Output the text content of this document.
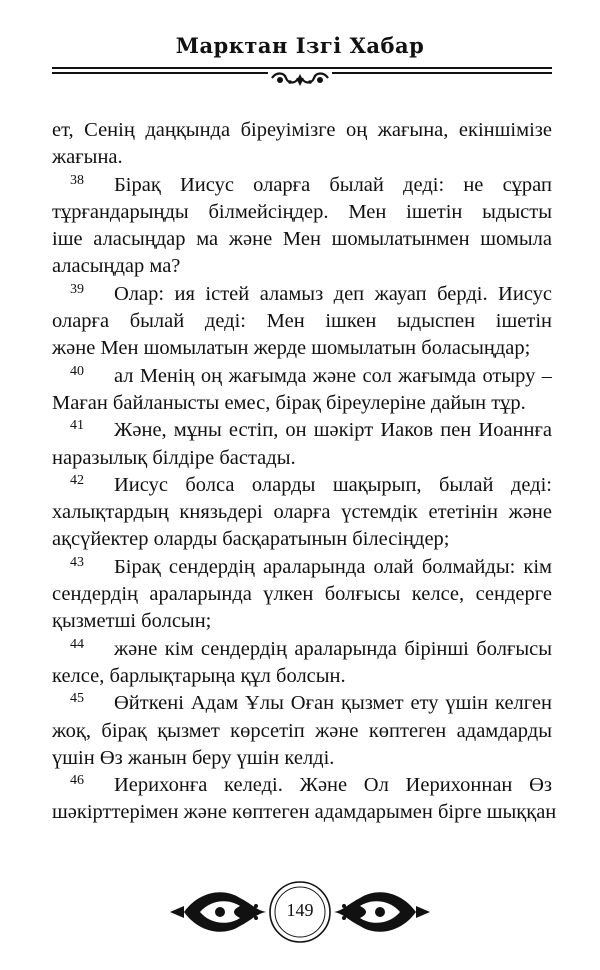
Марктан Ізгі Хабар
ет, Сенің даңқында біреуімізге оң жағына, екіншімізе
жағына.
38 Бірақ Иисус оларға былай деді: не сұрап
тұрғандарыңды білмейсіңдер. Мен ішетін ыдысты
іше аласыңдар ма және Мен шомылатынмен шомыла
аласыңдар ма?
39 Олар: ия істей аламыз деп жауап берді. Иисус
оларға былай деді: Мен ішкен ыдыспен ішетін
және Мен шомылатын жерде шомылатын боласыңдар;
40 ал Менің оң жағымда және сол жағымда отыру –
Маған байланысты емес, бірақ біреулеріне дайын тұр.
41 Және, мұны естіп, он шәкірт Иаков пен Иоаннға
наразылық білдіре бастады.
42 Иисус болса оларды шақырып, былай деді:
халықтардың князьдері оларға үстемдік ететінін және
ақсүйектер оларды басқаратынын білесіңдер;
43 Бірақ сендердің араларында олай болмайды: кім
сендердің араларында үлкен болғысы келсе, сендерге
қызметші болсын;
44 және кім сендердің араларында бірінші болғысы
келсе, барлықтарыңа құл болсын.
45 Өйткені Адам Ұлы Оған қызмет ету үшін келген
жоқ, бірақ қызмет көрсетіп және көптеген адамдарды
үшін Өз жанын беру үшін келді.
46 Иерихонға келеді. Және Ол Иерихоннан Өз
шәкірттерімен және көптеген адамдарымен бірге шыққан
149
